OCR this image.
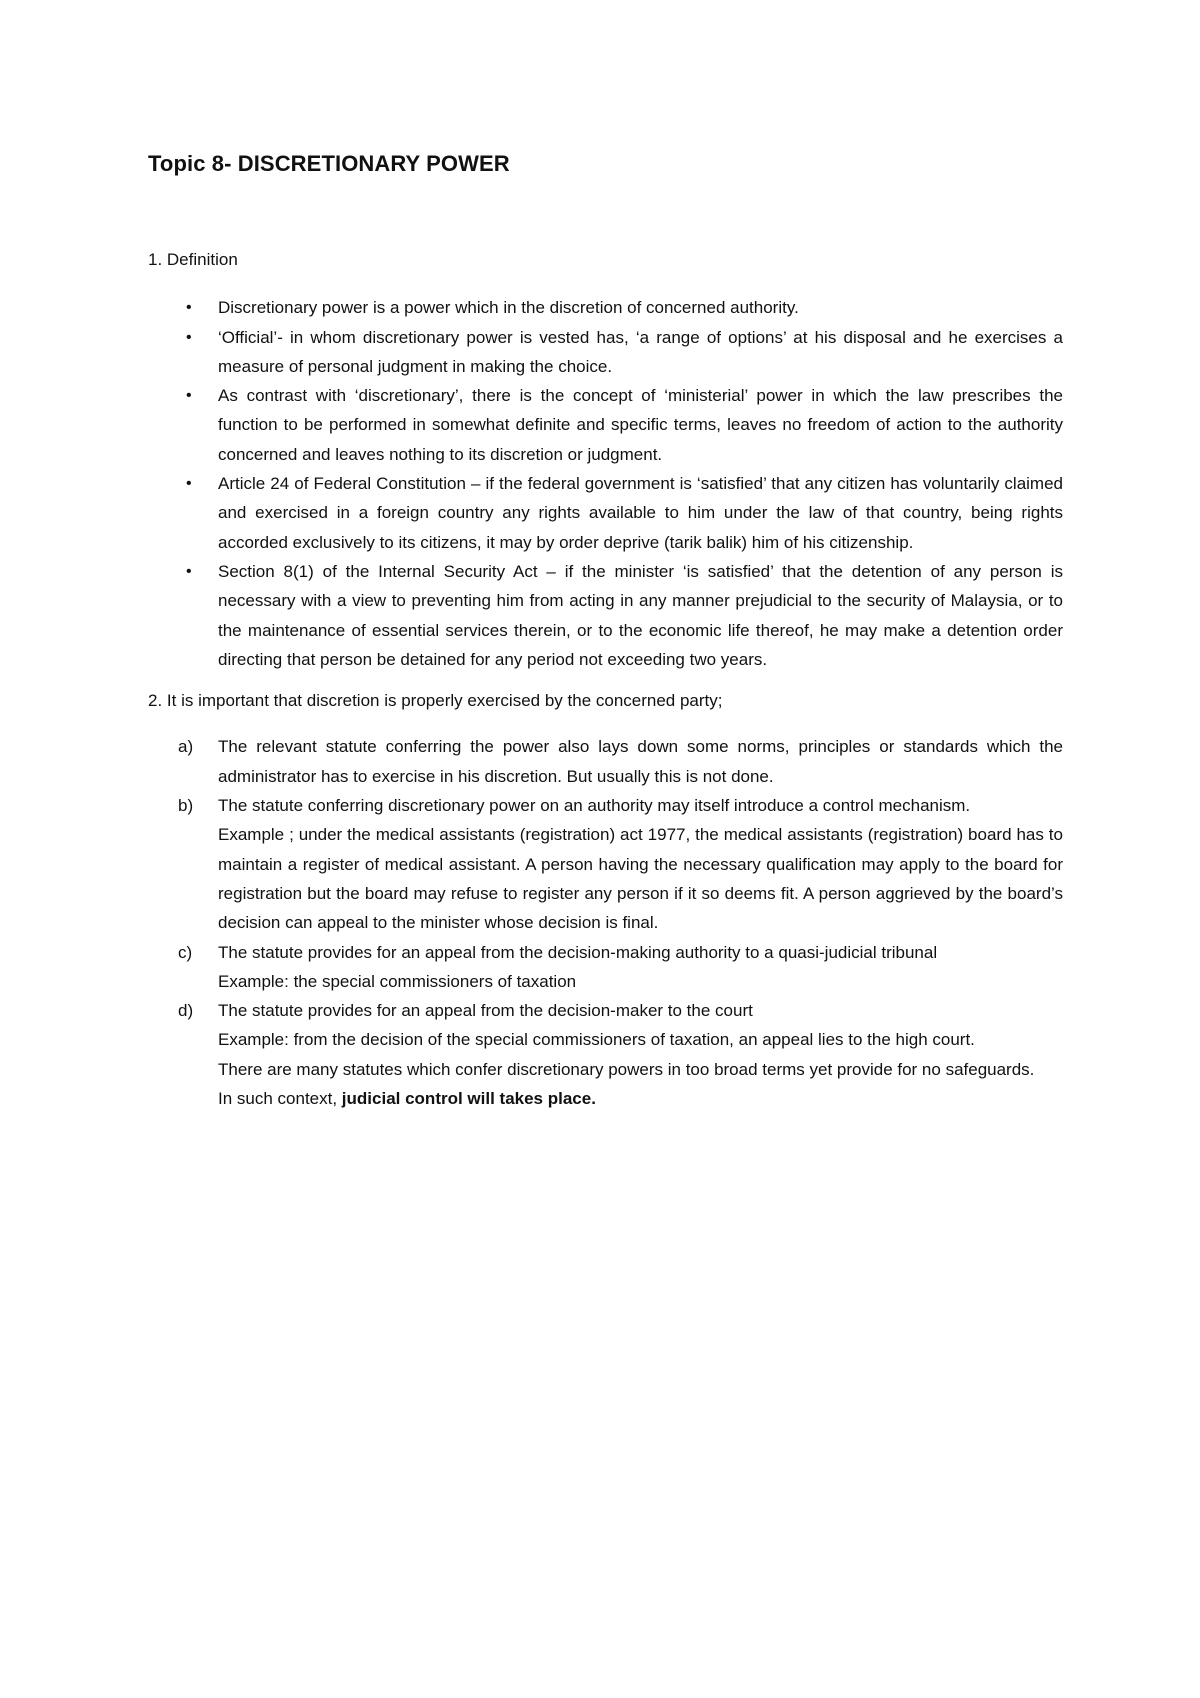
Topic 8- DISCRETIONARY POWER

1. Definition

• Discretionary power is a power which in the discretion of concerned authority.
• ‘Official’- in whom discretionary power is vested has, ‘a range of options’ at his disposal and he exercises a measure of personal judgment in making the choice.
• As contrast with ‘discretionary’, there is the concept of ‘ministerial’ power in which the law prescribes the function to be performed in somewhat definite and specific terms, leaves no freedom of action to the authority concerned and leaves nothing to its discretion or judgment.
• Article 24 of Federal Constitution – if the federal government is ‘satisfied’ that any citizen has voluntarily claimed and exercised in a foreign country any rights available to him under the law of that country, being rights accorded exclusively to its citizens, it may by order deprive (tarik balik) him of his citizenship.
• Section 8(1) of the Internal Security Act – if the minister ‘is satisfied’ that the detention of any person is necessary with a view to preventing him from acting in any manner prejudicial to the security of Malaysia, or to the maintenance of essential services therein, or to the economic life thereof, he may make a detention order directing that person be detained for any period not exceeding two years.

2. It is important that discretion is properly exercised by the concerned party;

a) The relevant statute conferring the power also lays down some norms, principles or standards which the administrator has to exercise in his discretion. But usually this is not done.
b) The statute conferring discretionary power on an authority may itself introduce a control mechanism.
Example ; under the medical assistants (registration) act 1977, the medical assistants (registration) board has to maintain a register of medical assistant. A person having the necessary qualification may apply to the board for registration but the board may refuse to register any person if it so deems fit. A person aggrieved by the board’s decision can appeal to the minister whose decision is final.
c) The statute provides for an appeal from the decision-making authority to a quasi-judicial tribunal
Example: the special commissioners of taxation
d) The statute provides for an appeal from the decision-maker to the court
Example: from the decision of the special commissioners of taxation, an appeal lies to the high court.
There are many statutes which confer discretionary powers in too broad terms yet provide for no safeguards.
In such context, judicial control will takes place.
